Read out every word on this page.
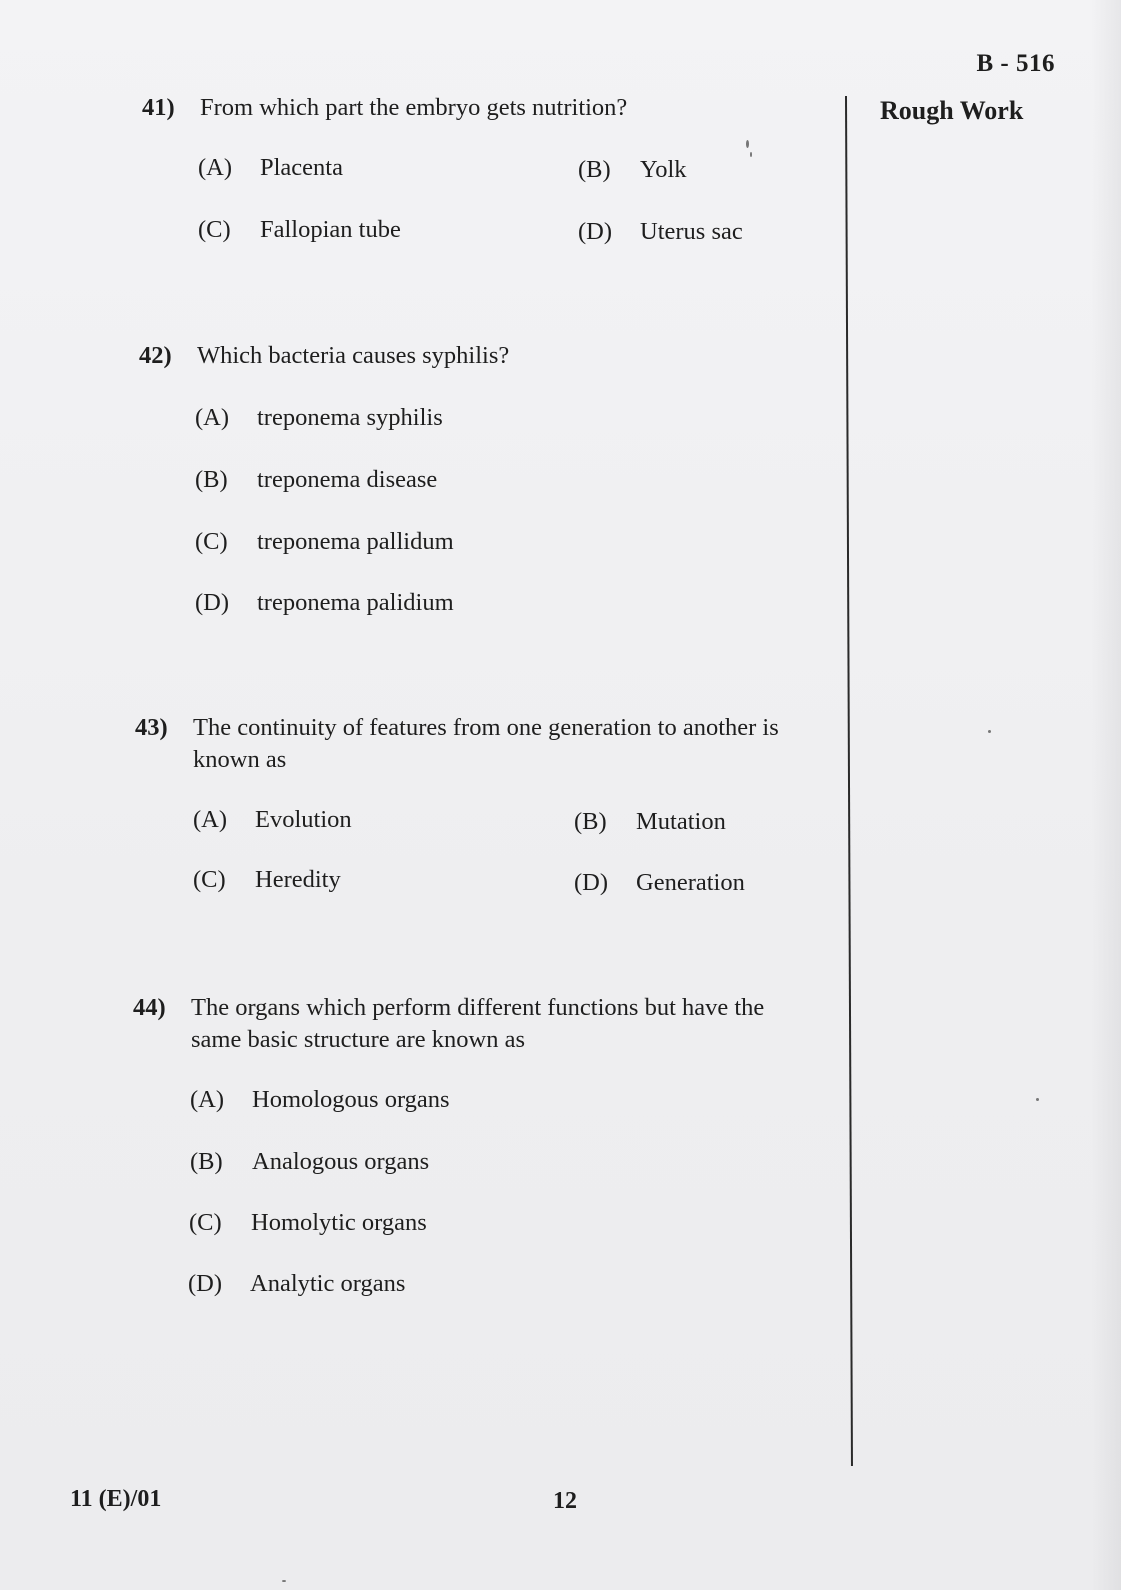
B - 516
Rough Work
41) From which part the embryo gets nutrition?
(A) Placenta	(B) Yolk
(C) Fallopian tube	(D) Uterus sac
42) Which bacteria causes syphilis?
(A) treponema syphilis
(B) treponema disease
(C) treponema pallidum
(D) treponema palidium
43) The continuity of features from one generation to another is
known as
(A) Evolution	(B) Mutation
(C) Heredity	(D) Generation
44) The organs which perform different functions but have the
same basic structure are known as
(A) Homologous organs
(B) Analogous organs
(C) Homolytic organs
(D) Analytic organs
11 (E)/01	12
